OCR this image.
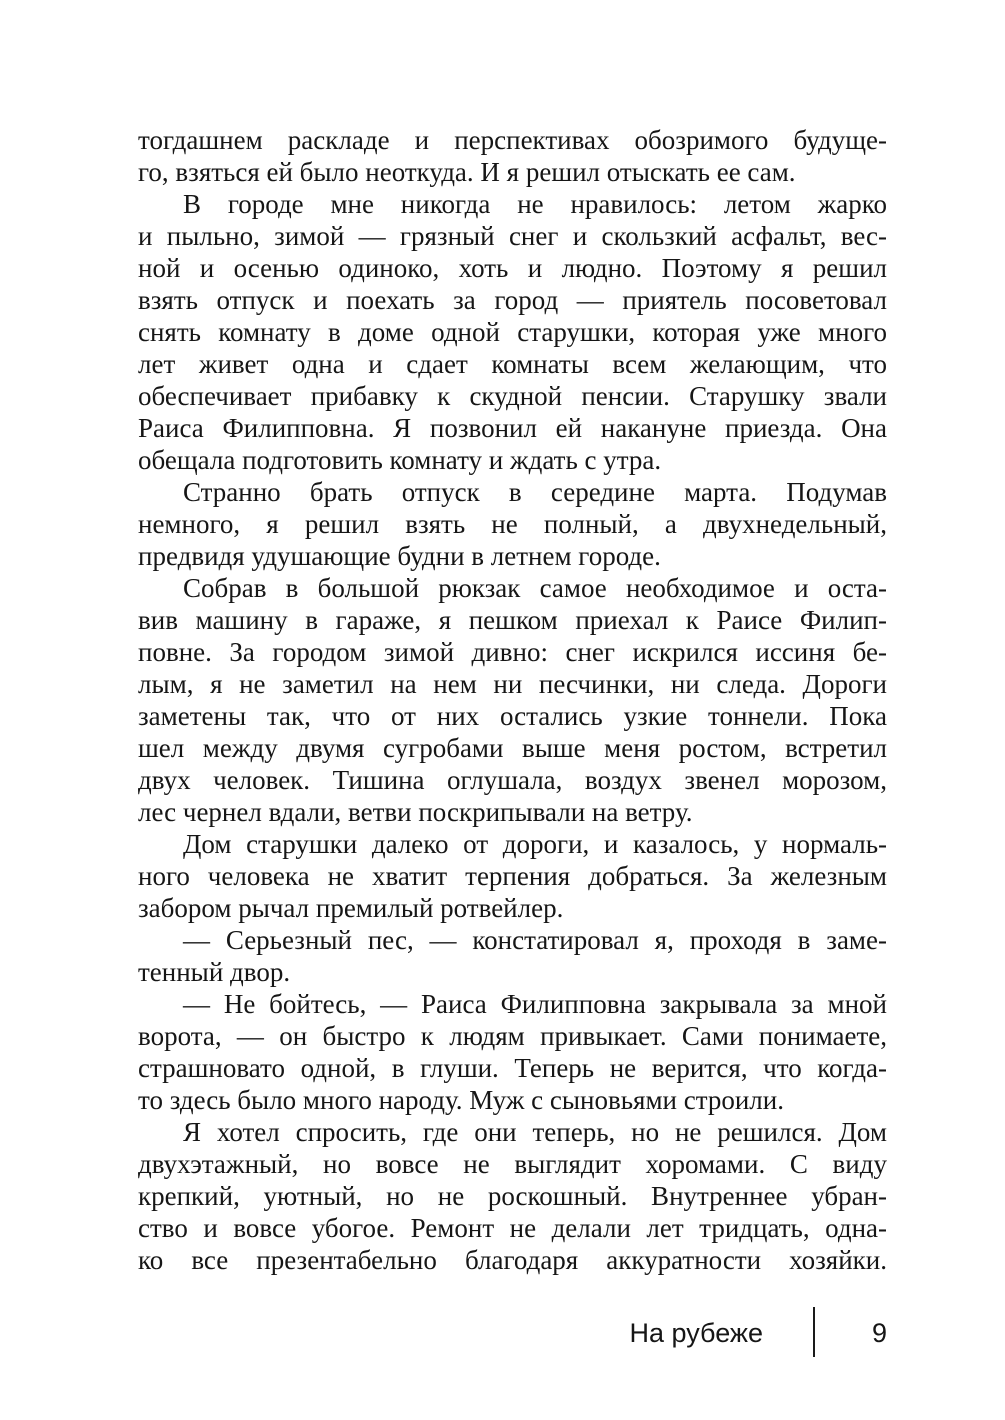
тогдашнем раскладе и перспективах обозримого будуще-
го, взяться ей было неоткуда. И я решил отыскать ее сам.
В городе мне никогда не нравилось: летом жарко
и пыльно, зимой — грязный снег и скользкий асфальт, вес-
ной и осенью одиноко, хоть и людно. Поэтому я решил
взять отпуск и поехать за город — приятель посоветовал
снять комнату в доме одной старушки, которая уже много
лет живет одна и сдает комнаты всем желающим, что
обеспечивает прибавку к скудной пенсии. Старушку звали
Раиса Филипповна. Я позвонил ей накануне приезда. Она
обещала подготовить комнату и ждать с утра.
Странно брать отпуск в середине марта. Подумав
немного, я решил взять не полный, а двухнедельный,
предвидя удушающие будни в летнем городе.
Собрав в большой рюкзак самое необходимое и оста-
вив машину в гараже, я пешком приехал к Раисе Филип-
повне. За городом зимой дивно: снег искрился иссиня бе-
лым, я не заметил на нем ни песчинки, ни следа. Дороги
заметены так, что от них остались узкие тоннели. Пока
шел между двумя сугробами выше меня ростом, встретил
двух человек. Тишина оглушала, воздух звенел морозом,
лес чернел вдали, ветви поскрипывали на ветру.
Дом старушки далеко от дороги, и казалось, у нормаль-
ного человека не хватит терпения добраться. За железным
забором рычал премилый ротвейлер.
— Серьезный пес, — констатировал я, проходя в заме-
тенный двор.
— Не бойтесь, — Раиса Филипповна закрывала за мной
ворота, — он быстро к людям привыкает. Сами понимаете,
страшновато одной, в глуши. Теперь не верится, что когда-
то здесь было много народу. Муж с сыновьями строили.
Я хотел спросить, где они теперь, но не решился. Дом
двухэтажный, но вовсе не выглядит хоромами. С виду
крепкий, уютный, но не роскошный. Внутреннее убран-
ство и вовсе убогое. Ремонт не делали лет тридцать, одна-
ко все презентабельно благодаря аккуратности хозяйки.
На рубеже	9
